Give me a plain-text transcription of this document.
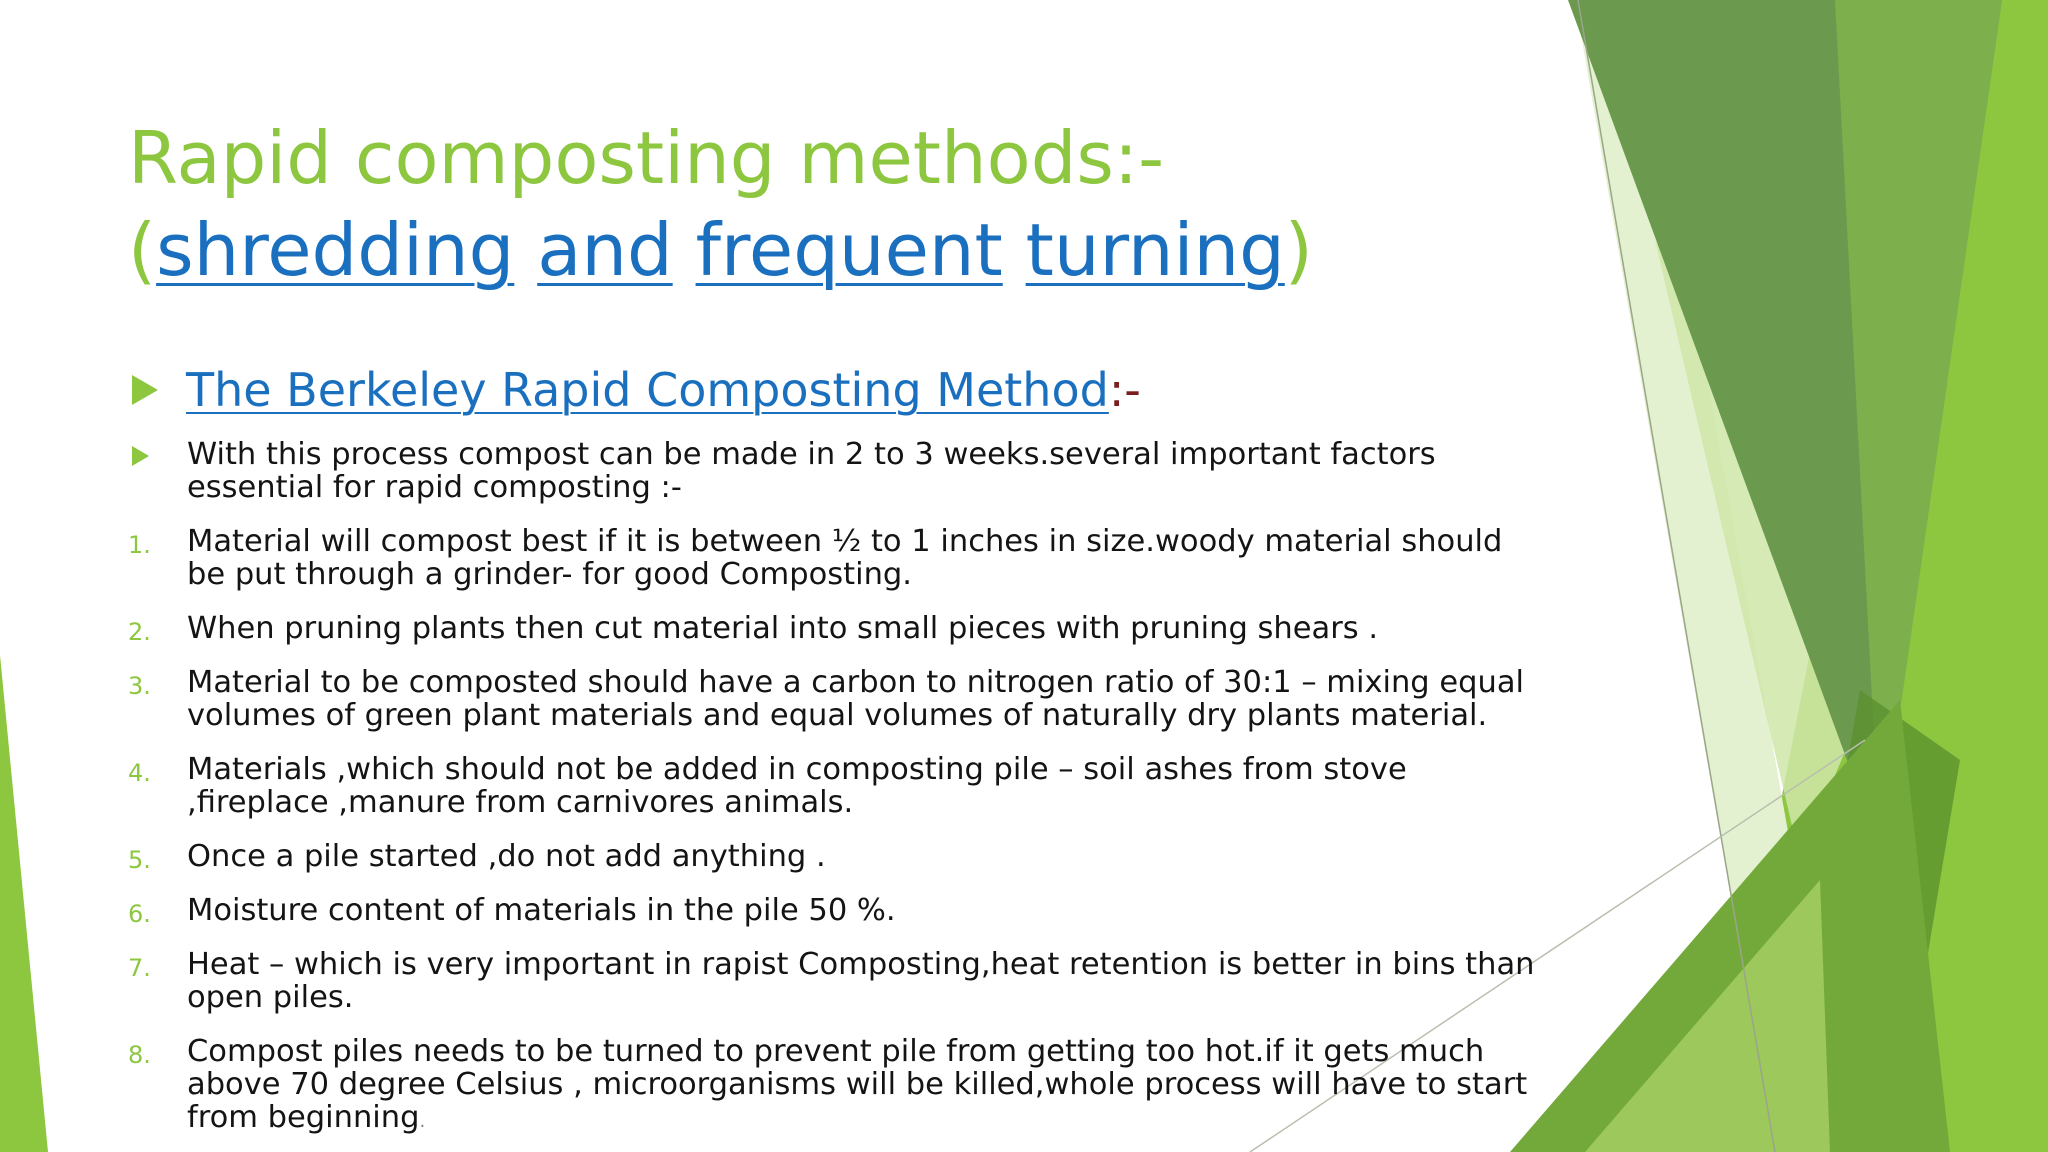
Rapid composting methods:-
(shredding and frequent turning)
The Berkeley Rapid Composting Method:-
With this process compost can be made in 2 to 3 weeks.several important factors essential for rapid composting :-
1. Material will compost best if it is between ½ to 1 inches in size.woody material should be put through a grinder- for good Composting.
2. When pruning plants then cut material into small pieces with pruning shears .
3. Material to be composted should have a carbon to nitrogen ratio of 30:1 – mixing equal volumes of green plant materials and equal volumes of naturally dry plants material.
4. Materials ,which should not be added in composting pile – soil ashes from stove ,fireplace ,manure from carnivores animals.
5. Once a pile started ,do not add anything .
6. Moisture content of materials in the pile 50 %.
7. Heat – which is very important in rapist Composting,heat retention is better in bins than open piles.
8. Compost piles needs to be turned to prevent pile from getting too hot.if it gets much above 70 degree Celsius , microorganisms will be killed,whole process will have to start from beginning.
